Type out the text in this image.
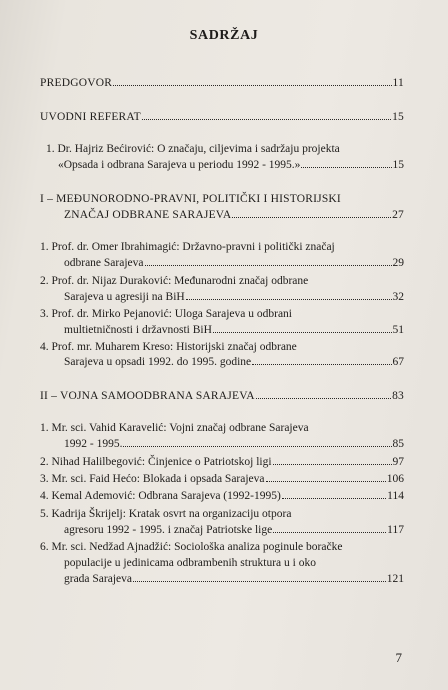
SADRŽAJ
PREDGOVOR	11
UVODNI REFERAT	15
1. Dr. Hajriz Bećirović: O značaju, ciljevima i sadržaju projekta
«Opsada i odbrana Sarajeva u periodu 1992 - 1995.»	15
I – MEĐUNORODNO-PRAVNI, POLITIČKI I HISTORIJSKI
ZNAČAJ ODBRANE SARAJEVA	27
1. Prof. dr. Omer Ibrahimagić: Državno-pravni i politički značaj
odbrane Sarajeva	29
2. Prof. dr. Nijaz Duraković: Međunarodni značaj odbrane
Sarajeva u agresiji na BiH	32
3. Prof. dr. Mirko Pejanović: Uloga Sarajeva u odbrani
multietničnosti i državnosti BiH	51
4. Prof. mr. Muharem Kreso: Historijski značaj odbrane
Sarajeva u opsadi 1992. do 1995. godine	67
II – VOJNA SAMOODBRANA SARAJEVA	83
1. Mr. sci. Vahid Karavelić: Vojni značaj odbrane Sarajeva
1992 - 1995.	85
2. Nihad Halilbegović: Činjenice o Patriotskoj ligi	97
3. Mr. sci. Faid Hećo: Blokada i opsada Sarajeva	106
4. Kemal Ademović: Odbrana Sarajeva (1992-1995)	114
5. Kadrija Škrijelj: Kratak osvrt na organizaciju otpora
agresoru 1992 - 1995. i značaj Patriotske lige	117
6. Mr. sci. Nedžad Ajnadžić: Sociološka analiza poginule boračke
populacije u jedinicama odbrambenih struktura u i oko
grada Sarajeva	121
7
